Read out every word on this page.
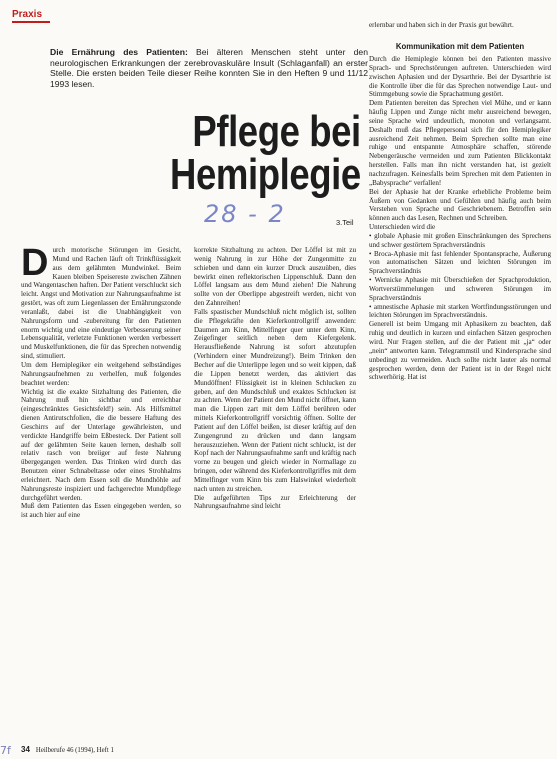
Praxis
Die Ernährung des Patienten: Bei älteren Menschen steht unter den neurologischen Erkrankungen der zerebrovaskuläre Insult (Schlaganfall) an erster Stelle. Die ersten beiden Teile dieser Reihe konnten Sie in den Heften 9 und 11/12 1993 lesen.
Pflege bei
Hemiplegie
28 - 2	3.Teil

Durch motorische Störungen im Gesicht, Mund und Rachen läuft oft Trinkflüssigkeit aus dem gelähmten Mundwinkel. Beim Kauen bleiben Speisereste zwischen Zähnen und Wangentaschen haften. Der Patient verschluckt sich leicht. Angst und Motivation zur Nahrungsaufnahme ist gestört, was oft zum Liegenlassen der Ernährungszonde veranlaßt, dabei ist die Unabhängigkeit von Nahrungsform und -zubereitung für den Patienten enorm wichtig und eine eindeutige Verbesserung seiner Lebensqualität, verletzte Funktionen werden verbessert und Muskelfunktionen, die für das Sprechen notwendig sind, stimuliert.

Um dem Hemiplegiker ein weitgehend selbständiges Nahrungsaufnehmen zu verhelfen, muß folgendes beachtet werden:

Wichtig ist die exakte Sitzhaltung des Patienten, die Nahrung muß hin sichtbar und erreichbar (eingeschränktes Gesichtsfeld!) sein. Als Hilfsmittel dienen Antirutschfolien, die die bessere Haftung des Geschirrs auf der Unterlage gewährleisten, und verdickte Handgriffe beim Eßbesteck. Der Patient soll auf der gelähmten Seite kauen lernen, deshalb soll relativ rasch von breiiger auf feste Nahrung übergegangen werden. Das Trinken wird durch das Benutzen einer Schnabeltasse oder eines Strohhalms erleichtert. Nach dem Essen soll die Mundhöhle auf Nahrungsreste inspiziert und fachgerechte Mundpflege durchgeführt werden.

Muß dem Patienten das Essen eingegeben werden, so ist auch hier auf eine

korrekte Sitzhaltung zu achten. Der Löffel ist mit zu wenig Nahrung in zur Höhe der Zungenmitte zu schieben und dann ein kurzer Druck auszuüben, dies bewirkt einen reflektorischen Lippenschluß. Dann den Löffel langsam aus dem Mund ziehen! Die Nahrung sollte von der Oberlippe abgestreift werden, nicht von den Zahnreihen!

Falls spastischer Mundschluß nicht möglich ist, sollten die Pflegekräfte den Kieferkontrollgriff anwenden: Daumen am Kinn, Mittelfinger quer unter dem Kinn, Zeigefinger seitlich neben dem Kiefergelenk. Herausfließende Nahrung ist sofort abzutupfen (Verhindern einer Mundreizung!). Beim Trinken den Becher auf die Unterlippe legen und so weit kippen, daß die Lippen benetzt werden, das aktiviert das Mundöffnen! Flüssigkeit ist in kleinen Schlucken zu geben, auf den Mundschluß und exaktes Schlucken ist zu achten. Wenn der Patient den Mund nicht öffnet, kann man die Lippen zart mit dem Löffel berühren oder mittels Kieferkontrollgriff vorsichtig öffnen. Sollte der Patient auf den Löffel beißen, ist dieser kräftig auf den Zungengrund zu drücken und dann langsam herauszuziehen. Wenn der Patient nicht schluckt, ist der Kopf nach der Nahrungsaufnahme sanft und kräftig nach vorne zu beugen und gleich wieder in Normallage zu bringen, oder während des Kieferkontrollgriffes mit dem Mittelfinger vom Kinn bis zum Halswinkel wiederholt nach unten zu streichen.

Die aufgeführten Tips zur Erleichterung der Nahrungsaufnahme sind leicht

erlernbar und haben sich in der Praxis gut bewährt.

Kommunikation mit dem Patienten

Durch die Hemiplegie können bei den Patienten massive Sprach- und Sprechstörungen auftreten. Unterschieden wird zwischen Aphasien und der Dysarthrie. Bei der Dysarthrie ist die Kontrolle über die für das Sprechen notwendige Laut- und Stimmgebung sowie die Sprachatmung gestört.

Dem Patienten bereiten das Sprechen viel Mühe, und er kann häufig Lippen und Zunge nicht mehr ausreichend bewegen, seine Sprache wird undeutlich, monoton und verlangsamt. Deshalb muß das Pflegepersonal sich für den Hemiplegiker ausreichend Zeit nehmen. Beim Sprechen sollte man eine ruhige und entspannte Atmosphäre schaffen, störende Nebengeräusche vermeiden und zum Patienten Blickkontakt herstellen. Falls man ihn nicht verstanden hat, ist gezielt nachzufragen. Keinesfalls beim Sprechen mit dem Patienten in „Babysprache“ verfallen!

Bei der Aphasie hat der Kranke erhebliche Probleme beim Äußern von Gedanken und Gefühlen und häufig auch beim Verstehen von Sprache und Geschriebenem. Betroffen sein können auch das Lesen, Rechnen und Schreiben.

Unterschieden wird die

• globale Aphasie mit großen Einschränkungen des Sprechens und schwer gestörtem Sprachverständnis

• Broca-Aphasie mit fast fehlender Spontansprache, Äußerung von automatischen Sätzen und leichten Störungen im Sprachverständnis

• Wernicke Aphasie mit Überschießen der Sprachproduktion, Wortverstümmelungen und schweren Störungen im Sprachverständnis

• amnestische Aphasie mit starken Wortfindungsstörungen und leichten Störungen im Sprachverständnis.

Generell ist beim Umgang mit Aphasikern zu beachten, daß ruhig und deutlich in kurzen und einfachen Sätzen gesprochen wird. Nur Fragen stellen, auf die der Patient mit „ja“ oder „nein“ antworten kann. Telegrammstil und Kindersprache sind unbedingt zu vermeiden. Auch sollte nicht lauter als normal gesprochen werden, denn der Patient ist in der Regel nicht schwerhörig. Hat ist

34 Heilberufe 46 (1994), Heft 1
7f
